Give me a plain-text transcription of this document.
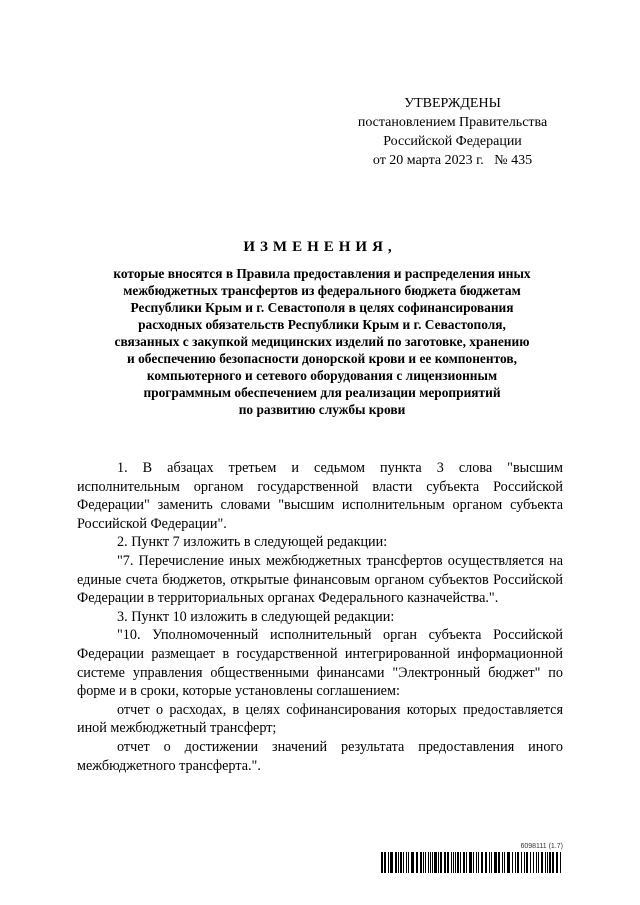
УТВЕРЖДЕНЫ
постановлением Правительства
Российской Федерации
от 20 марта 2023 г.   № 435
ИЗМЕНЕНИЯ,
которые вносятся в Правила предоставления и распределения иных
межбюджетных трансфертов из федерального бюджета бюджетам
Республики Крым и г. Севастополя в целях софинансирования
расходных обязательств Республики Крым и г. Севастополя,
связанных с закупкой медицинских изделий по заготовке, хранению
и обеспечению безопасности донорской крови и ее компонентов,
компьютерного и сетевого оборудования с лицензионным
программным обеспечением для реализации мероприятий
по развитию службы крови

1. В абзацах третьем и седьмом пункта 3 слова "высшим исполнительным органом государственной власти субъекта Российской Федерации" заменить словами "высшим исполнительным органом субъекта Российской Федерации".

2. Пункт 7 изложить в следующей редакции:

"7. Перечисление иных межбюджетных трансфертов осуществляется на единые счета бюджетов, открытые финансовым органом субъектов Российской Федерации в территориальных органах Федерального казначейства.".

3. Пункт 10 изложить в следующей редакции:

"10. Уполномоченный исполнительный орган субъекта Российской Федерации размещает в государственной интегрированной информационной системе управления общественными финансами "Электронный бюджет" по форме и в сроки, которые установлены соглашением:

отчет о расходах, в целях софинансирования которых предоставляется иной межбюджетный трансферт;

отчет о достижении значений результата предоставления иного межбюджетного трансферта.".

6098111 (1.7)
